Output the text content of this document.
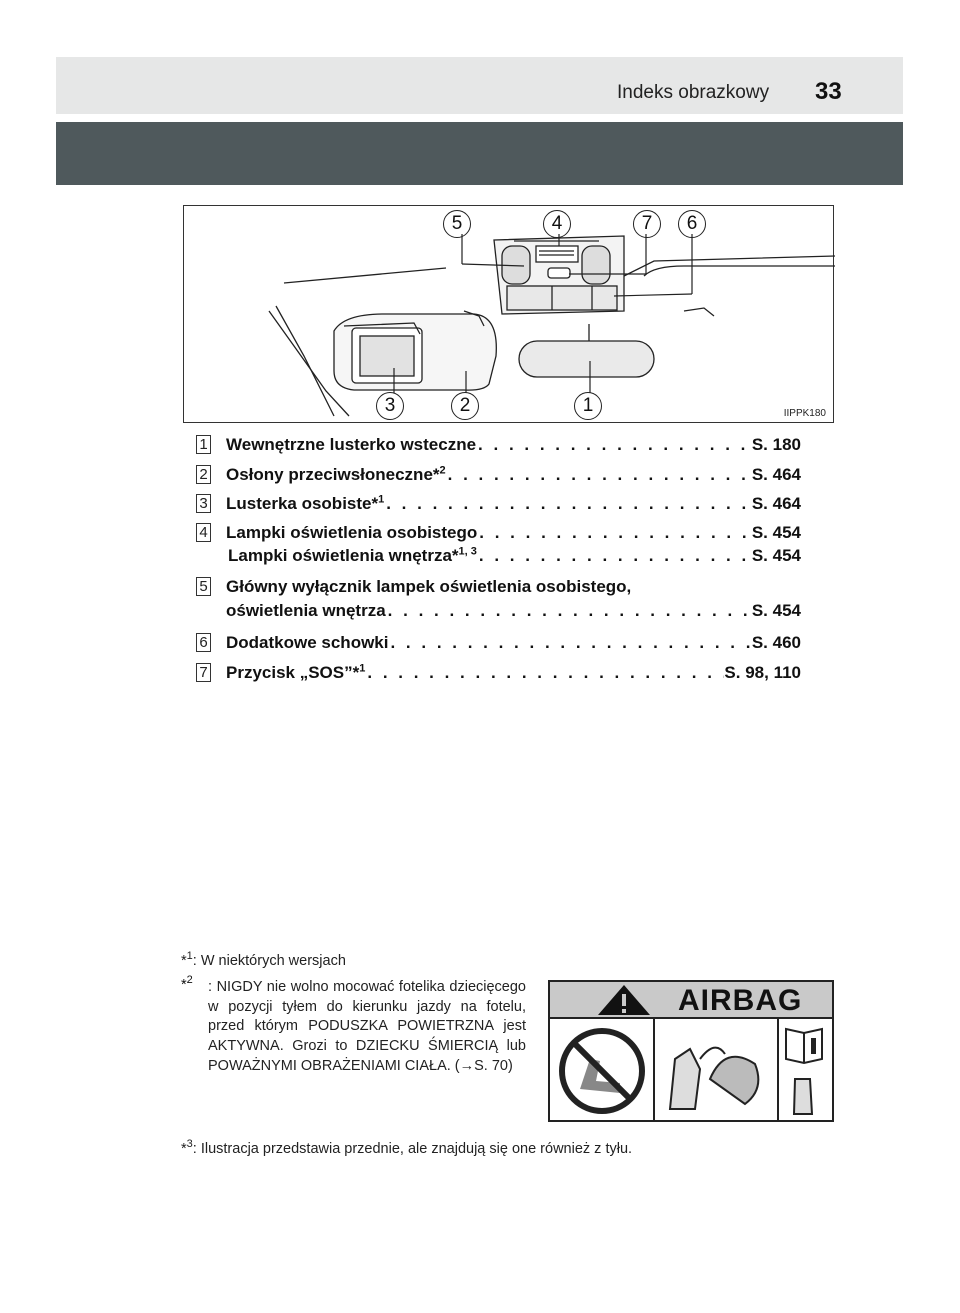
Indeks obrazkowy 33
IIPPK180
5	4	7	6
3	2	1
1 Wewnętrzne lusterko wsteczne . . .	S. 180
2 Osłony przeciwsłoneczne*$^2$ . . .	S. 464
3 Lusterka osobiste*$^1$ . . .	S. 464
4 Lampki oświetlenia osobistego . . .	S. 454
Lampki oświetlenia wnętrza*$^{1, 3}$ . . .	S. 454
5 Główny wyłącznik lampek oświetlenia osobistego,
oświetlenia wnętrza . . .	S. 454
6 Dodatkowe schowki . . .	S. 460
7 Przycisk „SOS”*$^1$ . . .	S. 98, 110
*$^1$: W niektórych wersjach
*$^2$ : NIGDY nie wolno mocować fotelika dziecięcego w pozycji tyłem do kierunku jazdy na fotelu, przed którym PODUSZKA POWIETRZNA jest AKTYWNA. Grozi to DZIECKU ŚMIERCIĄ lub POWAŻNYMI OBRAŻENIAMI CIAŁA. (→S. 70)
AIRBAG
*$^3$: Ilustracja przedstawia przednie, ale znajdują się one również z tyłu.
